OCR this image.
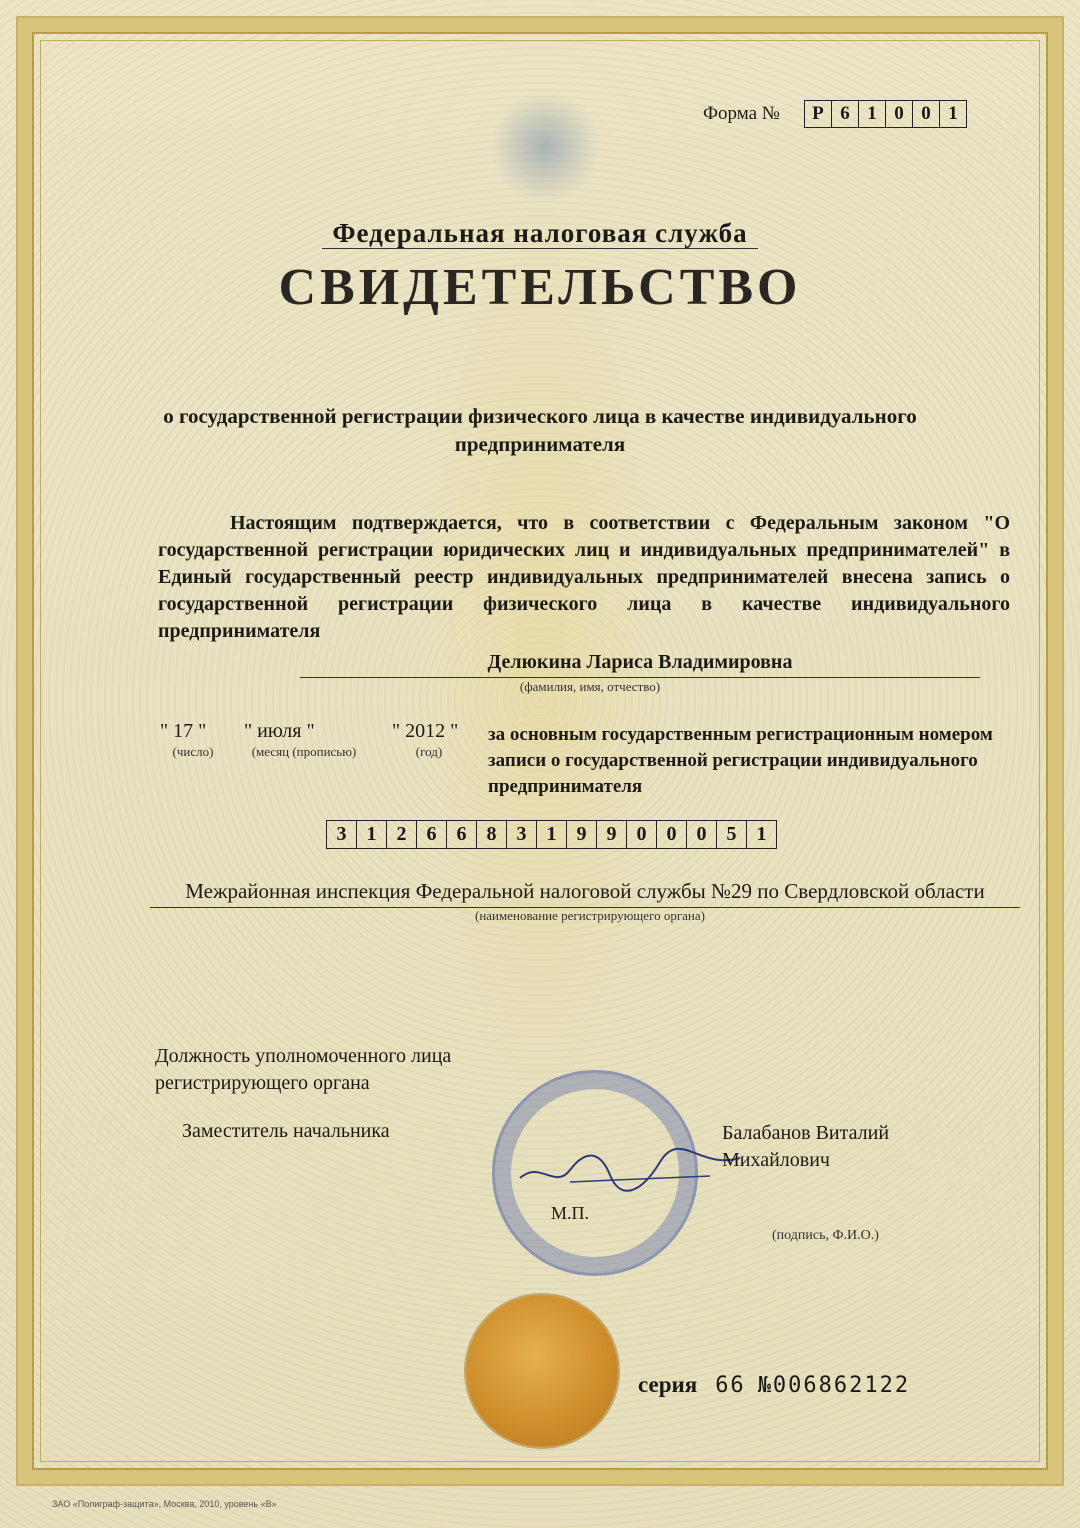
Форма №	Р 6 1 0 0 1
Федеральная налоговая служба
СВИДЕТЕЛЬСТВО
о государственной регистрации физического лица в качестве индивидуального предпринимателя
Настоящим подтверждается, что в соответствии с Федеральным законом "О государственной регистрации юридических лиц и индивидуальных предпринимателей" в Единый государственный реестр индивидуальных предпринимателей внесена запись о государственной регистрации физического лица в качестве индивидуального предпринимателя
Делюкина Лариса Владимировна
(фамилия, имя, отчество)
" 17 " " июля "	" 2012 "
(число)	(месяц (прописью)	(год)
за основным государственным регистрационным номером записи о государственной регистрации индивидуального предпринимателя
3	1	2	6	6	8	3	1	9	9	0	0	0	5	1
Межрайонная инспекция Федеральной налоговой службы №29 по Свердловской области
(наименование регистрирующего органа)
Должность уполномоченного лица регистрирующего органа
Заместитель начальника	Балабанов Виталий
Михайлович
М.П.
(подпись, Ф.И.О.)
серия 66 №006862122
ЗАО «Полиграф-защита», Москва, 2010, уровень «В»
